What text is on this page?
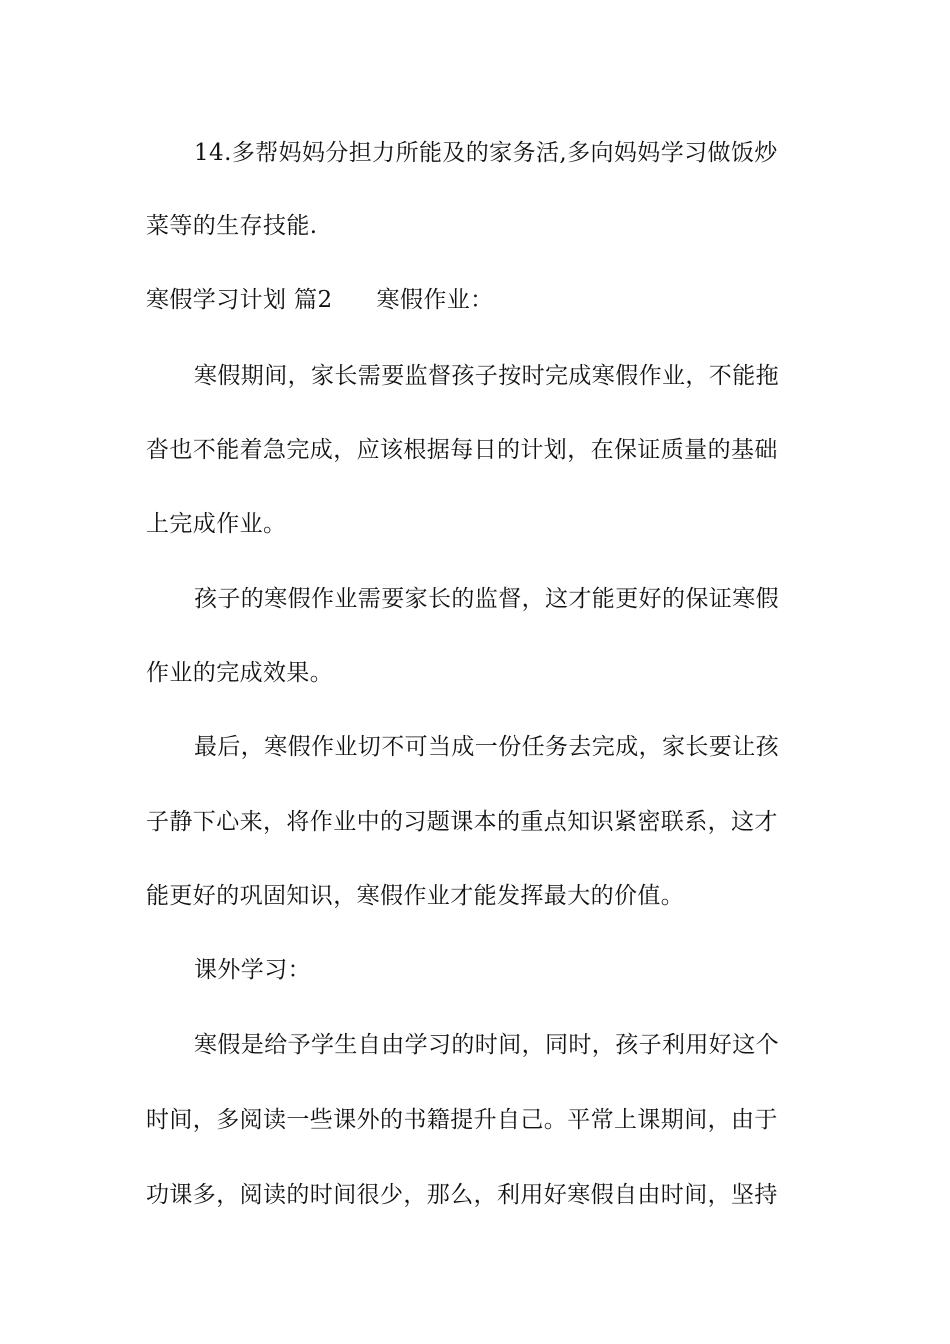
14.多帮妈妈分担力所能及的家务活,多向妈妈学习做饭炒
菜等的生存技能.
寒假学习计划 篇2 寒假作业：
寒假期间，家长需要监督孩子按时完成寒假作业，不能拖
沓也不能着急完成，应该根据每日的计划，在保证质量的基础
上完成作业。
孩子的寒假作业需要家长的监督，这才能更好的保证寒假
作业的完成效果。
最后，寒假作业切不可当成一份任务去完成，家长要让孩
子静下心来，将作业中的习题课本的重点知识紧密联系，这才
能更好的巩固知识，寒假作业才能发挥最大的价值。
课外学习：
寒假是给予学生自由学习的时间，同时，孩子利用好这个
时间，多阅读一些课外的书籍提升自己。平常上课期间，由于
功课多，阅读的时间很少，那么，利用好寒假自由时间，坚持
